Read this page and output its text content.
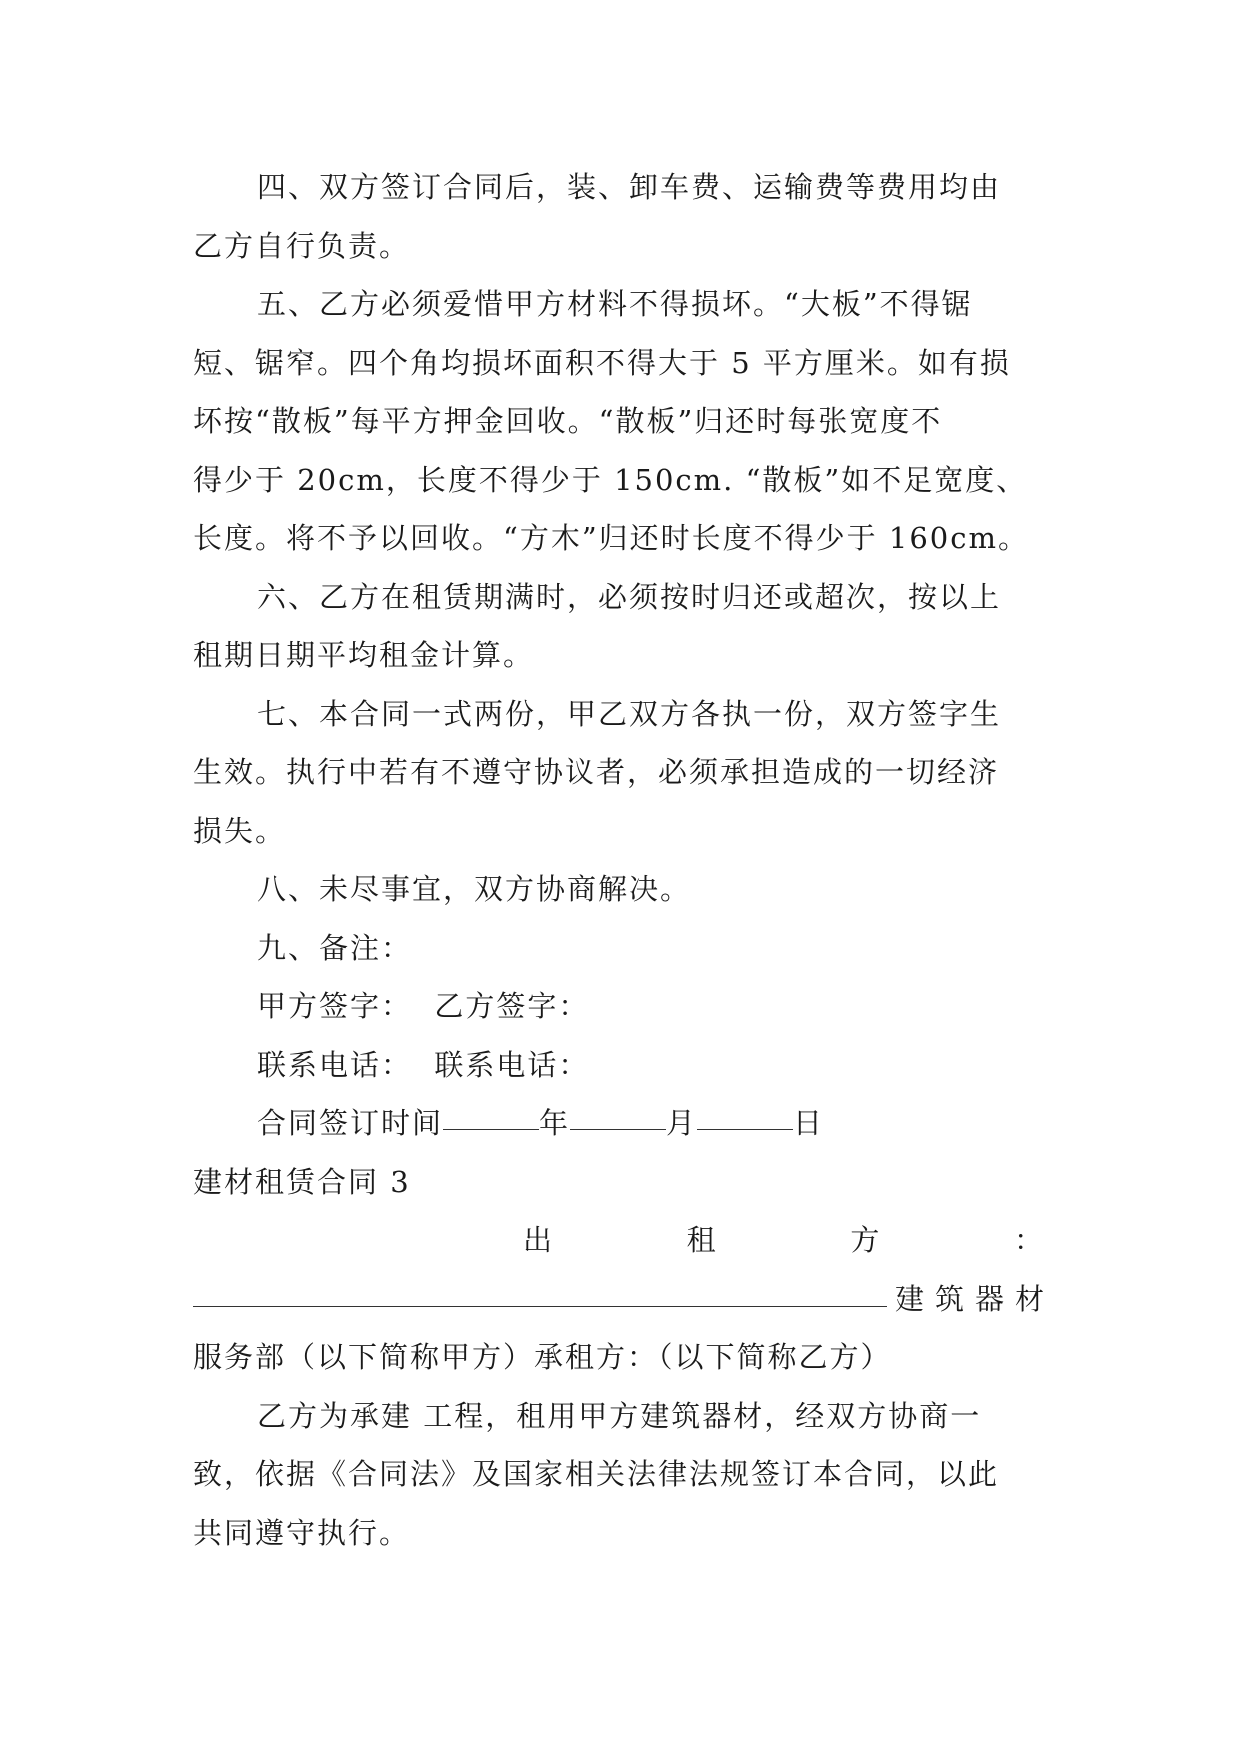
四、双方签订合同后，装、卸车费、运输费等费用均由
乙方自行负责。
五、乙方必须爱惜甲方材料不得损坏。“大板”不得锯
短、锯窄。四个角均损坏面积不得大于 5 平方厘米。如有损
坏按“散板”每平方押金回收。“散板”归还时每张宽度不
得少于 20cm，长度不得少于 150cm. “散板”如不足宽度、
长度。将不予以回收。“方木”归还时长度不得少于 160cm。
六、乙方在租赁期满时，必须按时归还或超次，按以上
租期日期平均租金计算。
七、本合同一式两份，甲乙双方各执一份，双方签字生
生效。执行中若有不遵守协议者，必须承担造成的一切经济
损失。
八、未尽事宜，双方协商解决。
九、备注：
甲方签字：  乙方签字：
联系电话：  联系电话：
合同签订时间	年	月	日
建材租赁合同 3
出	租	方	：
建筑器材
服务部（以下简称甲方）承租方：（以下简称乙方）
乙方为承建 工程，租用甲方建筑器材，经双方协商一
致，依据《合同法》及国家相关法律法规签订本合同，以此
共同遵守执行。
